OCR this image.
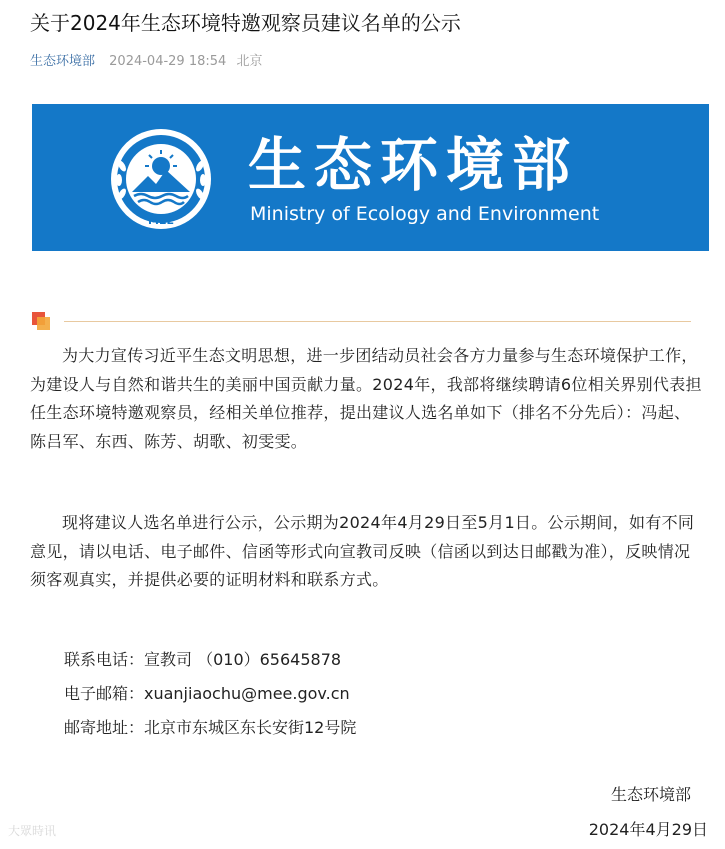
关于2024年生态环境特邀观察员建议名单的公示
生态环境部 2024-04-29 18:54 北京
MEE
生态环境部
Ministry of Ecology and Environment

为大力宣传习近平生态文明思想，进一步团结动员社会各方力量参与生态环境保护工作，为建设人与自然和谐共生的美丽中国贡献力量。2024年，我部将继续聘请6位相关界别代表担任生态环境特邀观察员，经相关单位推荐，提出建议人选名单如下（排名不分先后）：冯起、陈吕军、东西、陈芳、胡歌、初雯雯。

现将建议人选名单进行公示，公示期为2024年4月29日至5月1日。公示期间，如有不同意见，请以电话、电子邮件、信函等形式向宣教司反映（信函以到达日邮戳为准），反映情况须客观真实，并提供必要的证明材料和联系方式。

联系电话：宣教司 （010）65645878
电子邮箱：xuanjiaochu@mee.gov.cn
邮寄地址：北京市东城区东长安街12号院
生态环境部
2024年4月29日
大眾時讯
